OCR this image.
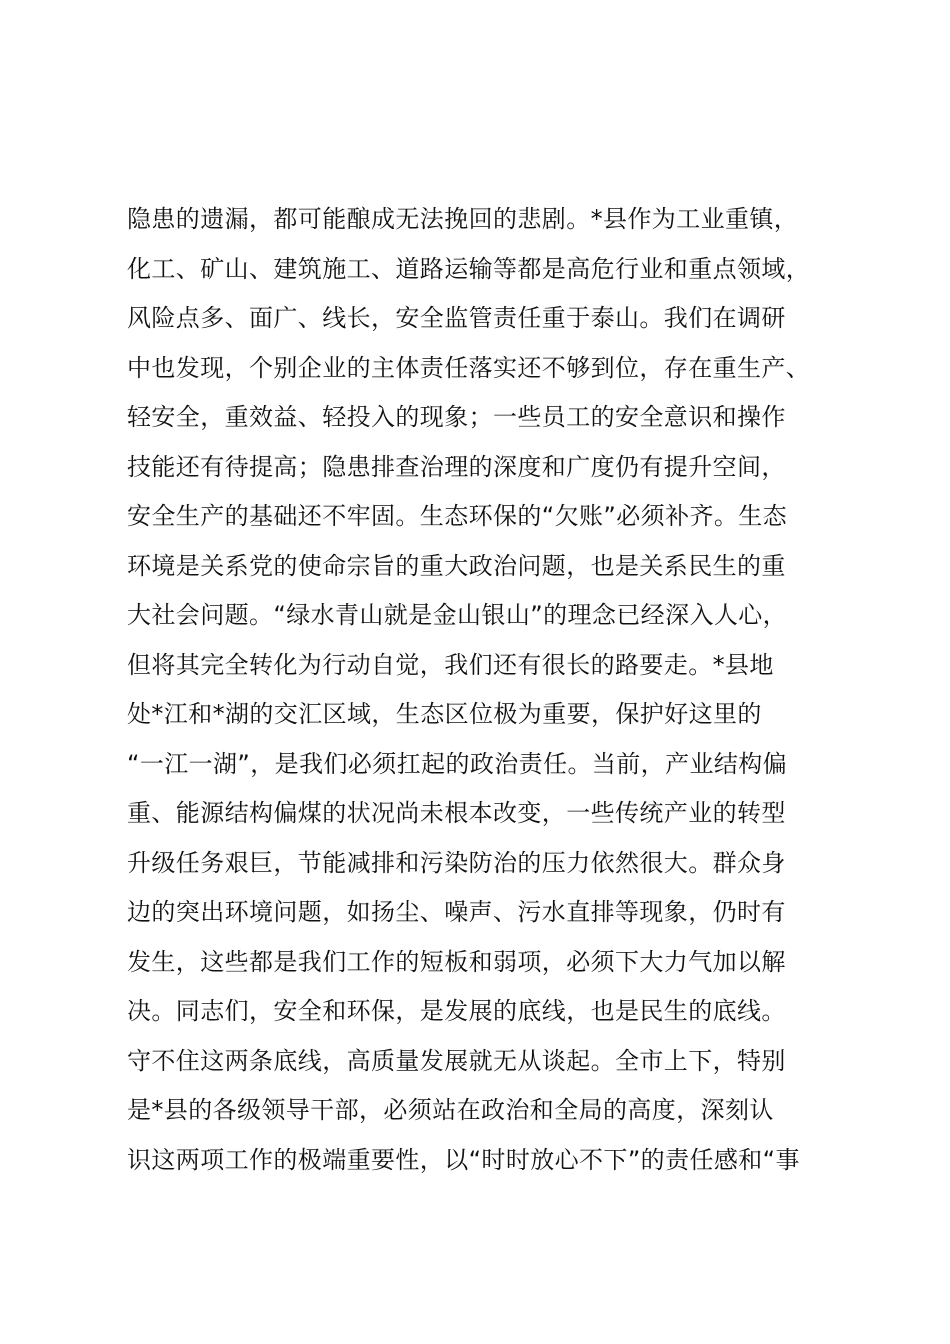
隐患的遗漏，都可能酿成无法挽回的悲剧。*县作为工业重镇，
化工、矿山、建筑施工、道路运输等都是高危行业和重点领域，
风险点多、面广、线长，安全监管责任重于泰山。我们在调研
中也发现，个别企业的主体责任落实还不够到位，存在重生产、
轻安全，重效益、轻投入的现象；一些员工的安全意识和操作
技能还有待提高；隐患排查治理的深度和广度仍有提升空间，
安全生产的基础还不牢固。生态环保的“欠账”必须补齐。生态
环境是关系党的使命宗旨的重大政治问题，也是关系民生的重
大社会问题。“绿水青山就是金山银山”的理念已经深入人心，
但将其完全转化为行动自觉，我们还有很长的路要走。*县地
处*江和*湖的交汇区域，生态区位极为重要，保护好这里的
“一江一湖”，是我们必须扛起的政治责任。当前，产业结构偏
重、能源结构偏煤的状况尚未根本改变，一些传统产业的转型
升级任务艰巨，节能减排和污染防治的压力依然很大。群众身
边的突出环境问题，如扬尘、噪声、污水直排等现象，仍时有
发生，这些都是我们工作的短板和弱项，必须下大力气加以解
决。同志们，安全和环保，是发展的底线，也是民生的底线。
守不住这两条底线，高质量发展就无从谈起。全市上下，特别
是*县的各级领导干部，必须站在政治和全局的高度，深刻认
识这两项工作的极端重要性，以“时时放心不下”的责任感和“事
